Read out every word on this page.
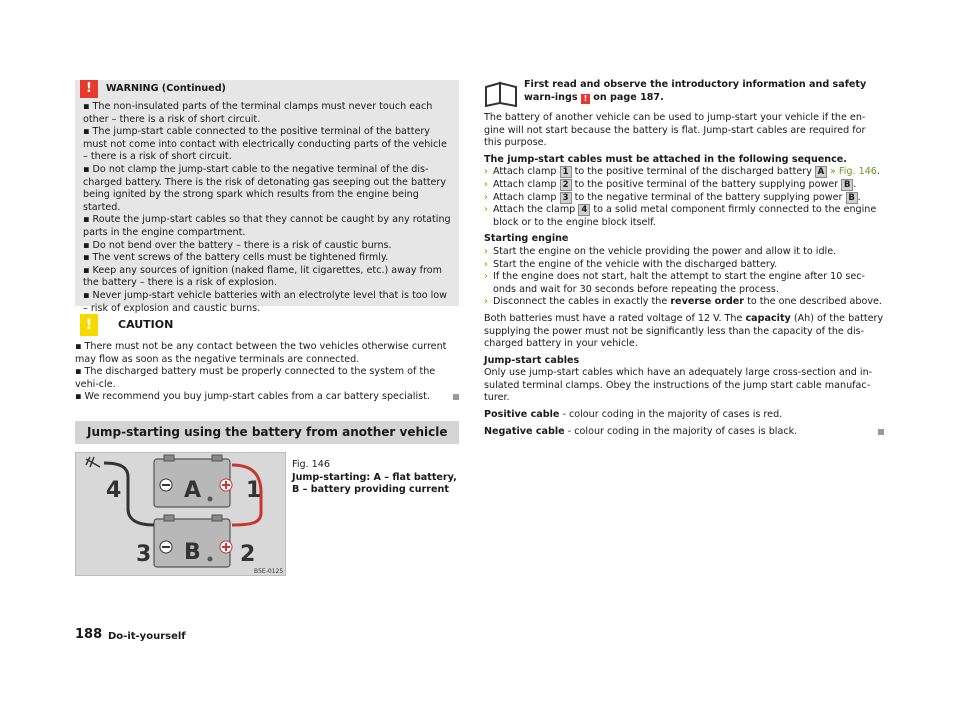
!	WARNING (Continued)

▪ The non-insulated parts of the terminal clamps must never touch each other – there is a risk of short circuit.

▪ The jump-start cable connected to the positive terminal of the battery must not come into contact with electrically conducting parts of the vehicle – there is a risk of short circuit.

▪ Do not clamp the jump-start cable to the negative terminal of the dis-charged battery. There is the risk of detonating gas seeping out the battery being ignited by the strong spark which results from the engine being started.

▪ Route the jump-start cables so that they cannot be caught by any rotating parts in the engine compartment.

▪ Do not bend over the battery – there is a risk of caustic burns.

▪ The vent screws of the battery cells must be tightened firmly.

▪ Keep any sources of ignition (naked flame, lit cigarettes, etc.) away from the battery – there is a risk of explosion.

▪ Never jump-start vehicle batteries with an electrolyte level that is too low – risk of explosion and caustic burns.

!	CAUTION

▪ There must not be any contact between the two vehicles otherwise current may flow as soon as the negative terminals are connected.

▪ The discharged battery must be properly connected to the system of the vehi-cle.

▪ We recommend you buy jump-start cables from a car battery specialist.

Jump-starting using the battery from another vehicle
A
B
1
2
3
4
B5E-0125
Fig. 146
Jump-starting: A – flat battery, B – battery providing current
First read and observe the introductory information and safety warn-ings ! on page 187.

The battery of another vehicle can be used to jump-start your vehicle if the en-gine will not start because the battery is flat. Jump-start cables are required for this purpose.

The jump-start cables must be attached in the following sequence.

› Attach clamp 1 to the positive terminal of the discharged battery A » Fig. 146.

› Attach clamp 2 to the positive terminal of the battery supplying power B .

› Attach clamp 3 to the negative terminal of the battery supplying power B .

› Attach the clamp 4 to a solid metal component firmly connected to the engine block or to the engine block itself.

Starting engine

› Start the engine on the vehicle providing the power and allow it to idle.

› Start the engine of the vehicle with the discharged battery.

› If the engine does not start, halt the attempt to start the engine after 10 sec-onds and wait for 30 seconds before repeating the process.

› Disconnect the cables in exactly the reverse order to the one described above.

Both batteries must have a rated voltage of 12 V. The capacity (Ah) of the battery supplying the power must not be significantly less than the capacity of the dis-charged battery in your vehicle.

Jump-start cables

Only use jump-start cables which have an adequately large cross-section and in-sulated terminal clamps. Obey the instructions of the jump start cable manufac-turer.

Positive cable - colour coding in the majority of cases is red.

Negative cable - colour coding in the majority of cases is black.

188 Do-it-yourself
